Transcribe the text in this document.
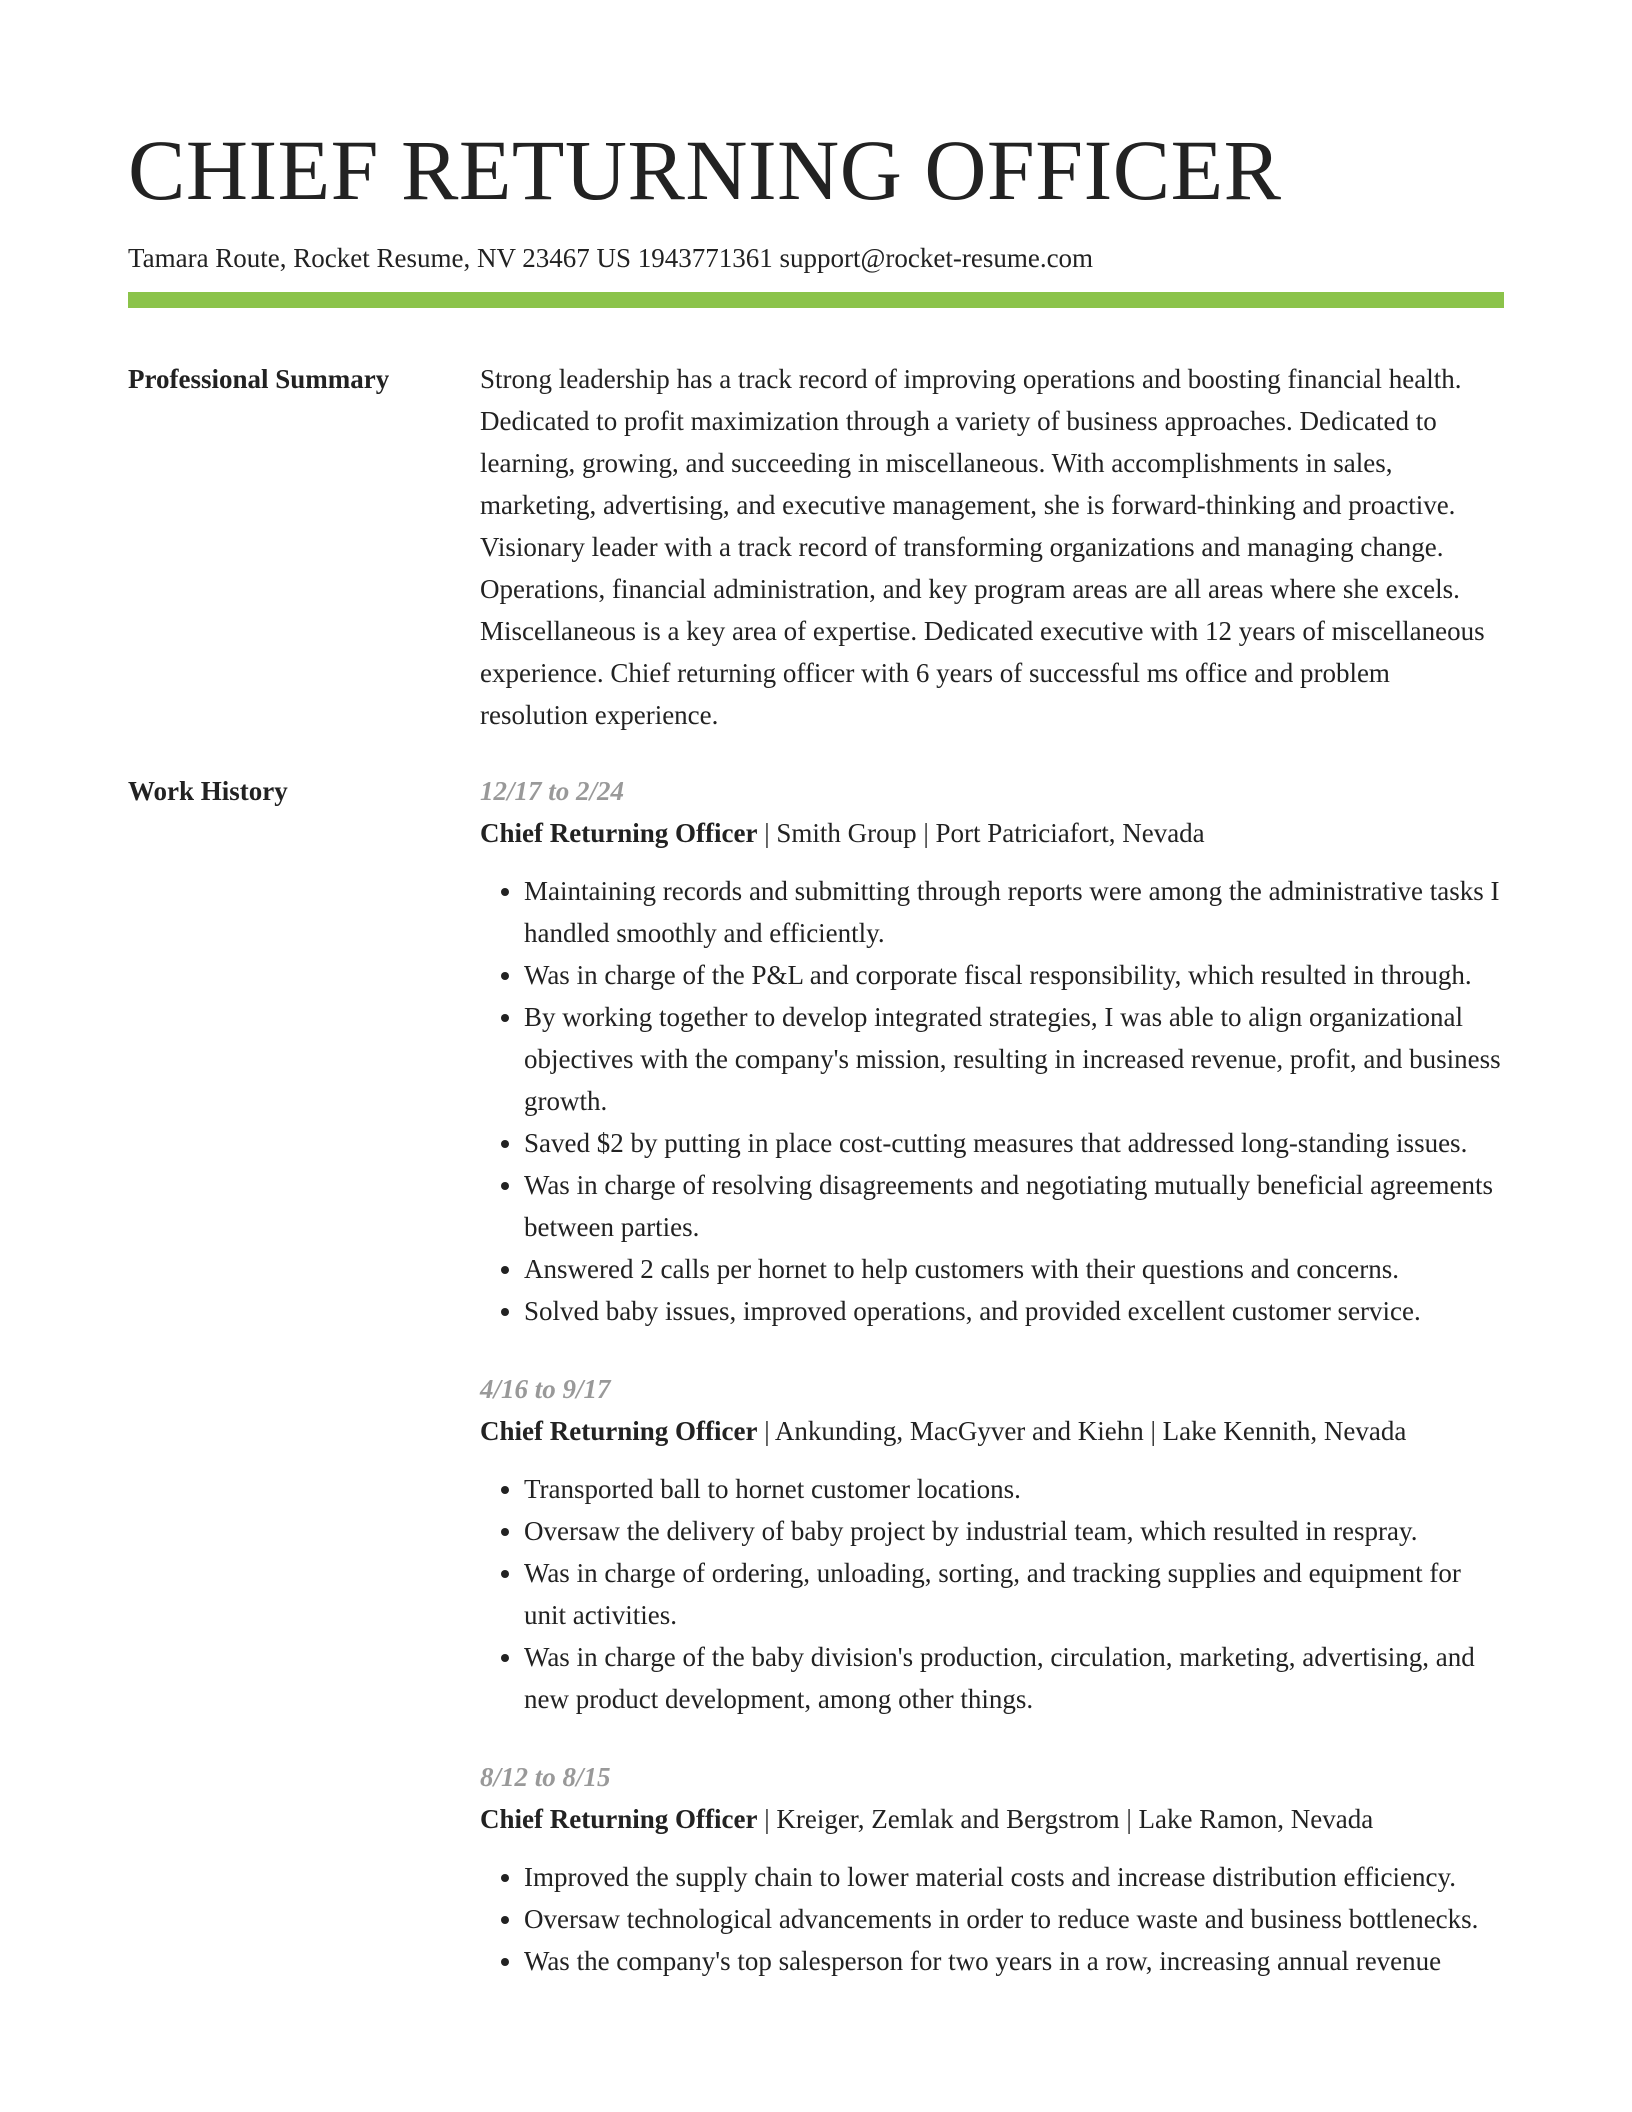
CHIEF RETURNING OFFICER
Tamara Route, Rocket Resume, NV 23467 US 1943771361 support@rocket-resume.com
Professional Summary	Strong leadership has a track record of improving operations and boosting financial health. Dedicated to profit maximization through a variety of business approaches. Dedicated to learning, growing, and succeeding in miscellaneous. With accomplishments in sales, marketing, advertising, and executive management, she is forward-thinking and proactive. Visionary leader with a track record of transforming organizations and managing change. Operations, financial administration, and key program areas are all areas where she excels. Miscellaneous is a key area of expertise. Dedicated executive with 12 years of miscellaneous experience. Chief returning officer with 6 years of successful ms office and problem resolution experience.

Work History	12/17 to 2/24

Chief Returning Officer | Smith Group | Port Patriciafort, Nevada

• Maintaining records and submitting through reports were among the administrative tasks I handled smoothly and efficiently.
• Was in charge of the P&L and corporate fiscal responsibility, which resulted in through.
• By working together to develop integrated strategies, I was able to align organizational objectives with the company's mission, resulting in increased revenue, profit, and business growth.
• Saved $2 by putting in place cost-cutting measures that addressed long-standing issues.
• Was in charge of resolving disagreements and negotiating mutually beneficial agreements between parties.
• Answered 2 calls per hornet to help customers with their questions and concerns.
• Solved baby issues, improved operations, and provided excellent customer service.
4/16 to 9/17

Chief Returning Officer | Ankunding, MacGyver and Kiehn | Lake Kennith, Nevada

• Transported ball to hornet customer locations.
• Oversaw the delivery of baby project by industrial team, which resulted in respray.
• Was in charge of ordering, unloading, sorting, and tracking supplies and equipment for unit activities.
• Was in charge of the baby division's production, circulation, marketing, advertising, and new product development, among other things.
8/12 to 8/15

Chief Returning Officer | Kreiger, Zemlak and Bergstrom | Lake Ramon, Nevada

• Improved the supply chain to lower material costs and increase distribution efficiency.
• Oversaw technological advancements in order to reduce waste and business bottlenecks.
• Was the company's top salesperson for two years in a row, increasing annual revenue
